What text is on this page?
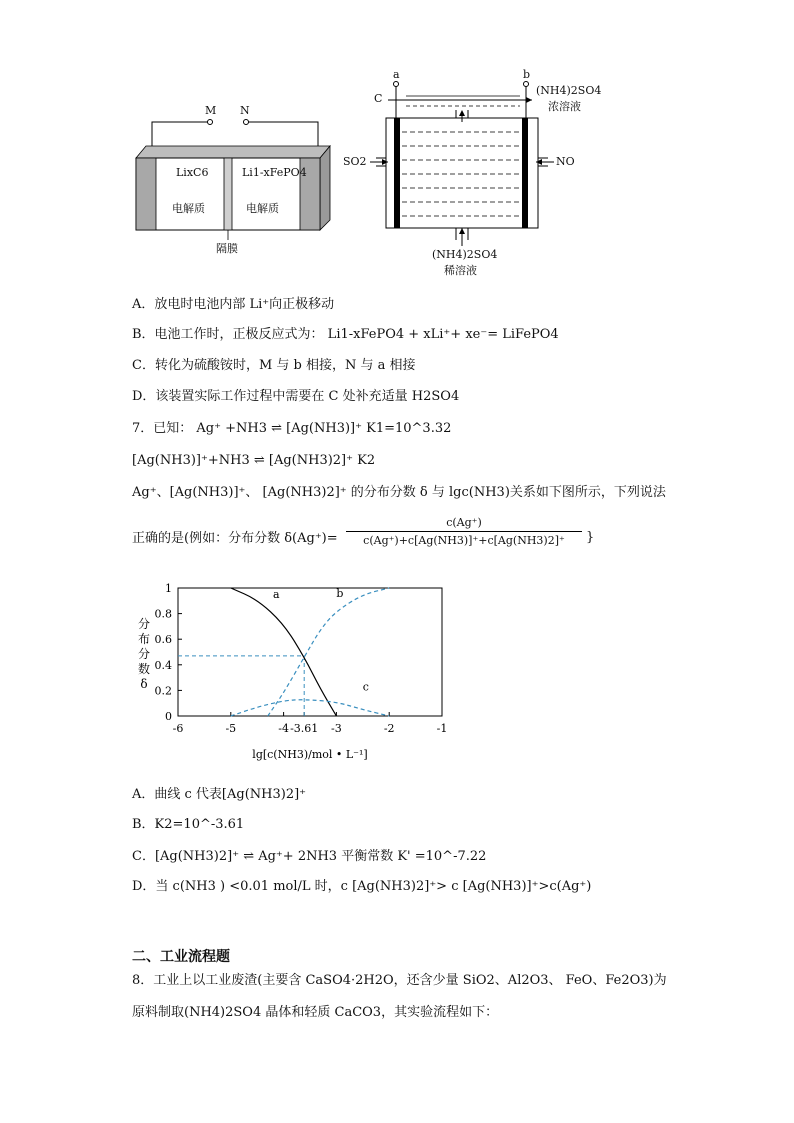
M N
LixC6	Li1-xFePO4
电解质	电解质
隔膜
a	b
C
(NH4)2SO4
浓溶液
SO2	NO
(NH4)2SO4
稀溶液
A．放电时电池内部 Li⁺向正极移动
B．电池工作时，正极反应式为： Li1-xFePO4 + xLi⁺+ xe⁻= LiFePO4
C．转化为硫酸铵时，M 与 b 相接，N 与 a 相接
D．该装置实际工作过程中需要在 C 处补充适量 H2SO4
7．已知： Ag⁺ +NH3 ⇌ [Ag(NH3)]⁺ K1=10^3.32
[Ag(NH3)]⁺+NH3 ⇌ [Ag(NH3)2]⁺ K2
Ag⁺、[Ag(NH3)]⁺、 [Ag(NH3)2]⁺ 的分布分数 δ 与 lgc(NH3)关系如下图所示，下列说法
正确的是(例如：分布分数 $\delta(Ag^+)= \frac{c(Ag^+)}{c(Ag^+)+c[Ag(NH3)]^++c[Ag(NH3)2]^+}$ }
0
0.2
0.4
0.6
0.8
1
-6	-5	-4 -3.61 -3	-2	-1
a	b
c
lg[c(NH3)/mol • L⁻¹]
分
布
分
数
δ
A．曲线 c 代表[Ag(NH3)2]⁺
B．K2=10^-3.61
C．[Ag(NH3)2]⁺ ⇌ Ag⁺+ 2NH3 平衡常数 K' =10^-7.22
D．当 c(NH3 ) <0.01 mol/L 时，c [Ag(NH3)2]⁺> c [Ag(NH3)]⁺>c(Ag⁺)
二、工业流程题
8．工业上以工业废渣(主要含 CaSO4·2H2O，还含少量 SiO2、Al2O3、 FeO、Fe2O3)为
原料制取(NH4)2SO4 晶体和轻质 CaCO3，其实验流程如下：
